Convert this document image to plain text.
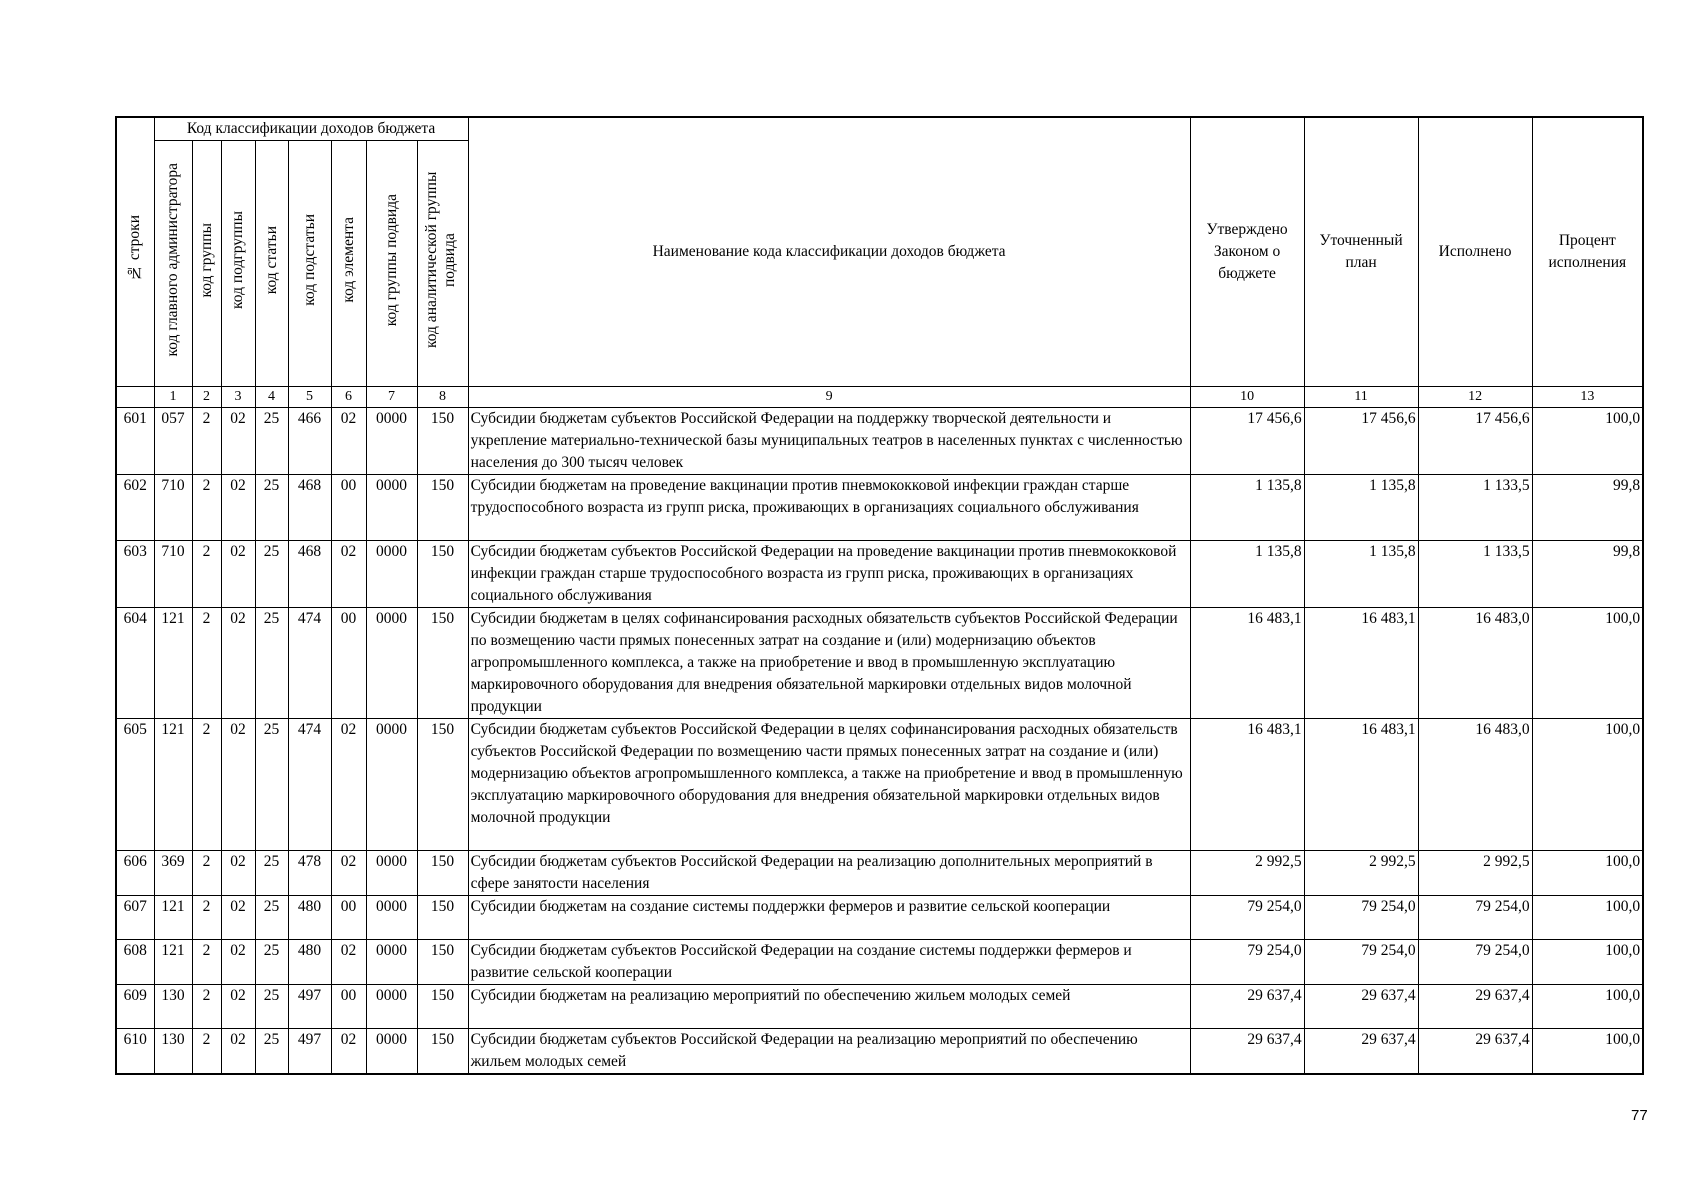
№ строки	Код классификации доходов бюджета								Наименование кода классификации доходов бюджета	Утверждено Законом о бюджете	Уточненный план	Исполнено	Процент исполнения
	код главного администратора	код группы	код подгруппы	код статьи	код подстатьи	код элемента	код группы подвида	код аналитической группы подвида					
	1	2	3	4	5	6	7	8	9	10	11	12	13
601	057	2	02	25	466	02	0000	150	Субсидии бюджетам субъектов Российской Федерации на поддержку творческой деятельности и укрепление материально-технической базы муниципальных театров в населенных пунктах с численностью населения до 300 тысяч человек	17 456,6	17 456,6	17 456,6	100,0
602	710	2	02	25	468	00	0000	150	Субсидии бюджетам на проведение вакцинации против пневмококковой инфекции граждан старше трудоспособного возраста из групп риска, проживающих в организациях социального обслуживания	1 135,8	1 135,8	1 133,5	99,8
603	710	2	02	25	468	02	0000	150	Субсидии бюджетам субъектов Российской Федерации на проведение вакцинации против пневмококковой инфекции граждан старше трудоспособного возраста из групп риска, проживающих в организациях социального обслуживания	1 135,8	1 135,8	1 133,5	99,8
604	121	2	02	25	474	00	0000	150	Субсидии бюджетам в целях софинансирования расходных обязательств субъектов Российской Федерации по возмещению части прямых понесенных затрат на создание и (или) модернизацию объектов агропромышленного комплекса, а также на приобретение и ввод в промышленную эксплуатацию маркировочного оборудования для внедрения обязательной маркировки отдельных видов молочной продукции	16 483,1	16 483,1	16 483,0	100,0
605	121	2	02	25	474	02	0000	150	Субсидии бюджетам субъектов Российской Федерации в целях софинансирования расходных обязательств субъектов Российской Федерации по возмещению части прямых понесенных затрат на создание и (или) модернизацию объектов агропромышленного комплекса, а также на приобретение и ввод в промышленную эксплуатацию маркировочного оборудования для внедрения обязательной маркировки отдельных видов молочной продукции	16 483,1	16 483,1	16 483,0	100,0
606	369	2	02	25	478	02	0000	150	Субсидии бюджетам субъектов Российской Федерации на реализацию дополнительных мероприятий в сфере занятости населения	2 992,5	2 992,5	2 992,5	100,0
607	121	2	02	25	480	00	0000	150	Субсидии бюджетам на создание системы поддержки фермеров и развитие сельской кооперации	79 254,0	79 254,0	79 254,0	100,0
608	121	2	02	25	480	02	0000	150	Субсидии бюджетам субъектов Российской Федерации на создание системы поддержки фермеров и развитие сельской кооперации	79 254,0	79 254,0	79 254,0	100,0
609	130	2	02	25	497	00	0000	150	Субсидии бюджетам на реализацию мероприятий по обеспечению жильем молодых семей	29 637,4	29 637,4	29 637,4	100,0
610	130	2	02	25	497	02	0000	150	Субсидии бюджетам субъектов Российской Федерации на реализацию мероприятий по обеспечению жильем молодых семей	29 637,4	29 637,4	29 637,4	100,0
77
